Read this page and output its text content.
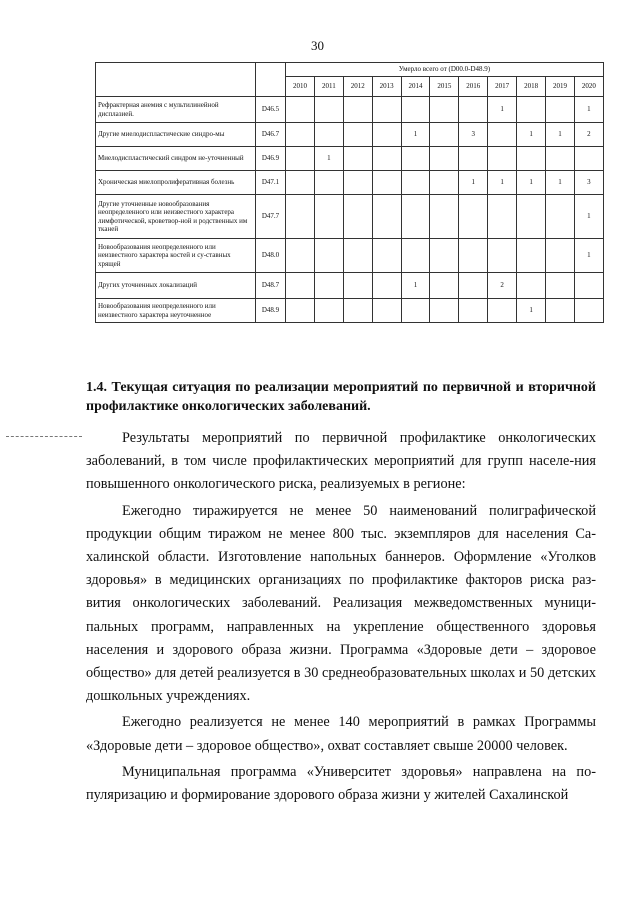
30
		Умерло всего от (D00.0-D48.9)										
		2010	2011	2012	2013	2014	2015	2016	2017	2018	2019	2020
Рефрактерная анемия с мультилинейной дисплазией.	D46.5								1			1
Другие миелодиспластические синдро-мы	D46.7					1		3		1	1	2
Миелодиспластический синдром не-уточненный	D46.9		1									
Хроническая миелопролиферативная болезнь	D47.1							1	1	1	1	3
Другие уточненные новообразования неопределенного или неизвестного характера лимфотической, кроветвор-ной и родственных им тканей	D47.7											1
Новообразования неопределенного или неизвестного характера костей и су-ставных хрящей	D48.0											1
Других уточненных локализаций	D48.7					1			2			
Новообразования неопределенного или неизвестного характера неуточненное	D48.9									1		
1.4. Текущая ситуация по реализации мероприятий по первичной и вторичной профилактике онкологических заболеваний.

Результаты мероприятий по первичной профилактике онкологических заболеваний, в том числе профилактических мероприятий для групп населе-ния повышенного онкологического риска, реализуемых в регионе:

Ежегодно тиражируется не менее 50 наименований полиграфической продукции общим тиражом не менее 800 тыс. экземпляров для населения Са-халинской области. Изготовление напольных баннеров. Оформление «Уголков здоровья» в медицинских организациях по профилактике факторов риска раз-вития онкологических заболеваний. Реализация межведомственных муници-пальных программ, направленных на укрепление общественного здоровья населения и здорового образа жизни. Программа «Здоровые дети – здоровое общество» для детей реализуется в 30 среднеобразовательных школах и 50 детских дошкольных учреждениях.

Ежегодно реализуется не менее 140 мероприятий в рамках Программы «Здоровые дети – здоровое общество», охват составляет свыше 20000 человек.

Муниципальная программа «Университет здоровья» направлена на по-пуляризацию и формирование здорового образа жизни у жителей Сахалинской
